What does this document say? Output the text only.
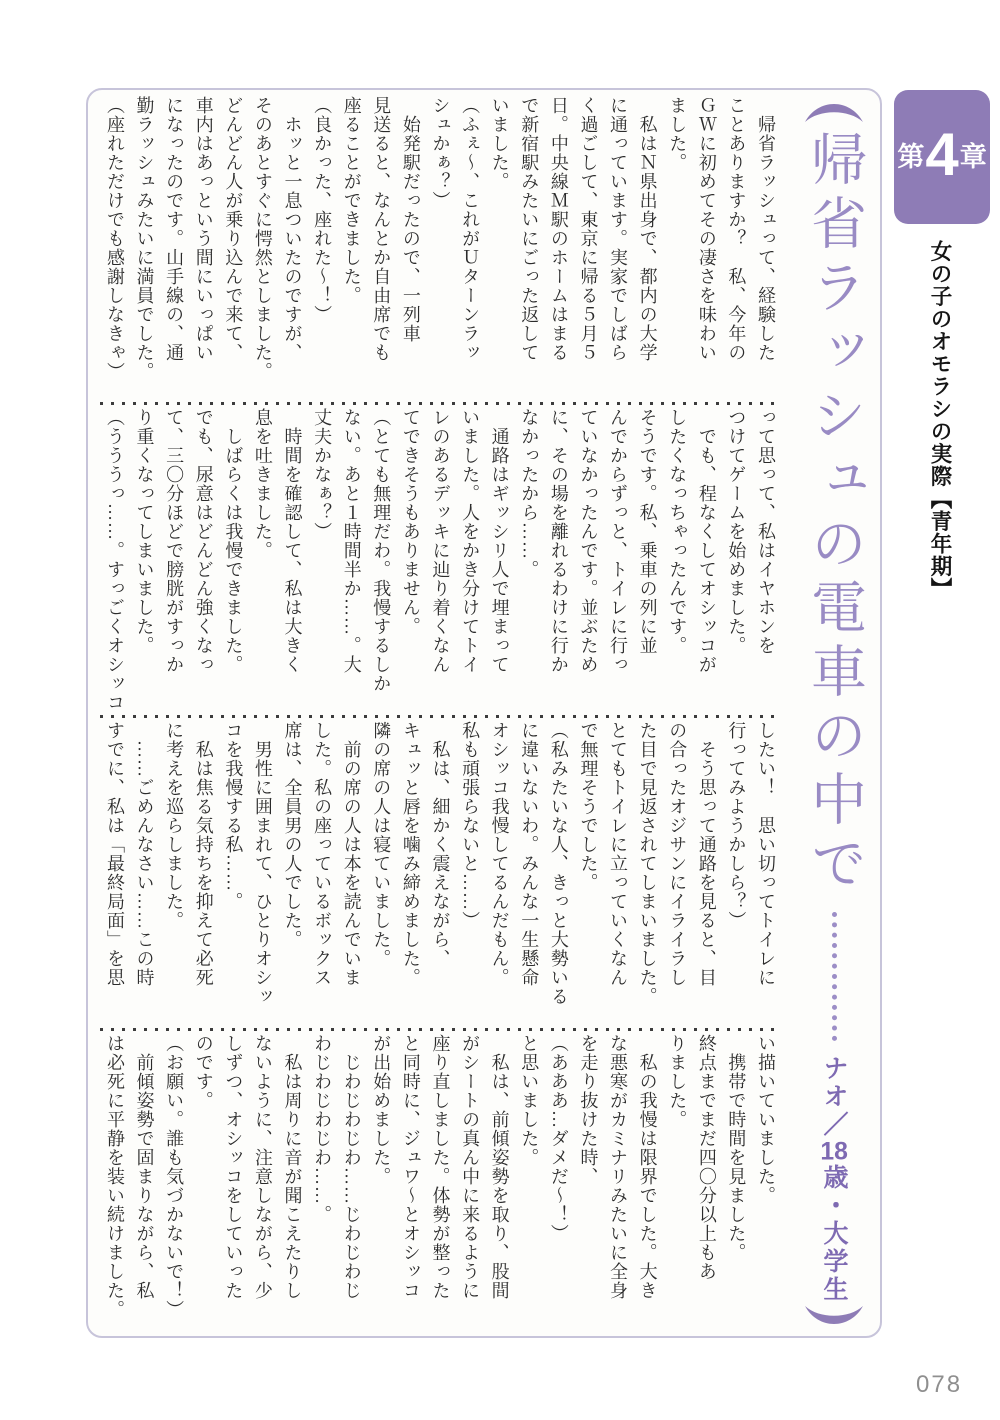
　帰省ラッシュって、経験した

ことありますか？　私、今年の

ＧＷに初めてその凄さを味わい

ました。

　私はＮ県出身で、都内の大学

に通っています。実家でしばら

く過ごして、東京に帰る５月５

日。中央線Ｍ駅のホームはまる

で新宿駅みたいにごった返して

いました。

（ふぇ〜、これがＵターンラッ

シュかぁ？）

　始発駅だったので、一列車

見送ると、なんとか自由席でも

座ることができました。

（良かった、座れた〜！）

　ホッと一息ついたのですが、

そのあとすぐに愕然としました。

どんどん人が乗り込んで来て、

車内はあっという間にいっぱい

になったのです。山手線の、通

勤ラッシュみたいに満員でした。

（座れただけでも感謝しなきゃ）

って思って、私はイヤホンを

つけてゲームを始めました。

　でも、程なくしてオシッコが

したくなっちゃったんです。

そうです。私、乗車の列に並

んでからずっと、トイレに行っ

ていなかったんです。並ぶため

に、その場を離れるわけに行か

なかったから……。

　通路はギッシリ人で埋まって

いました。人をかき分けてトイ

レのあるデッキに辿り着くなん

てできそうもありません。

（とても無理だわ。我慢するしか

ない。あと１時間半か……。大

丈夫かなぁ？）

　時間を確認して、私は大きく

息を吐きました。

　しばらくは我慢できました。

でも、尿意はどんどん強くなっ

て、三〇分ほどで膀胱がすっか

り重くなってしまいました。

（うううっ……。すっごくオシッコ

したい！　思い切ってトイレに

行ってみようかしら？）

　そう思って通路を見ると、目

の合ったオジサンにイライラし

た目で見返されてしまいました。

とてもトイレに立っていくなん

で無理そうでした。

（私みたいな人、きっと大勢いる

に違いないわ。みんな一生懸命

オシッコ我慢してるんだもん。

私も頑張らないと……）

　私は、細かく震えながら、

キュッと唇を噛み締めました。

隣の席の人は寝ていました。

　前の席の人は本を読んでいま

した。私の座っているボックス

席は、全員男の人でした。

　男性に囲まれて、ひとりオシッ

コを我慢する私……。

　私は焦る気持ちを抑えて必死

に考えを巡らしました。

　……ごめんなさい……この時

すでに、私は「最終局面」を思

い描いていました。

　携帯で時間を見ました。

終点までまだ四〇分以上もあ

りました。

　私の我慢は限界でした。大き

な悪寒がカミナリみたいに全身

を走り抜けた時、

（あああ…ダメだ〜！）

と思いました。

　私は、前傾姿勢を取り、股間

がシートの真ん中に来るように

座り直しました。体勢が整った

と同時に、ジュワ〜とオシッコ

が出始めました。

　じわじわじわ……じわじわじ

わじわじわじわ……。

　私は周りに音が聞こえたりし

ないように、注意しながら、少

しずつ、オシッコをしていった

のです。

（お願い。誰も気づかないで！）

　前傾姿勢で固まりながら、私

は必死に平静を装い続けました。

帰省ラッシュの電車の中で
ナオ／18歳・大学生
第 4 章
女の子のオモラシの実際【青年期】
078
